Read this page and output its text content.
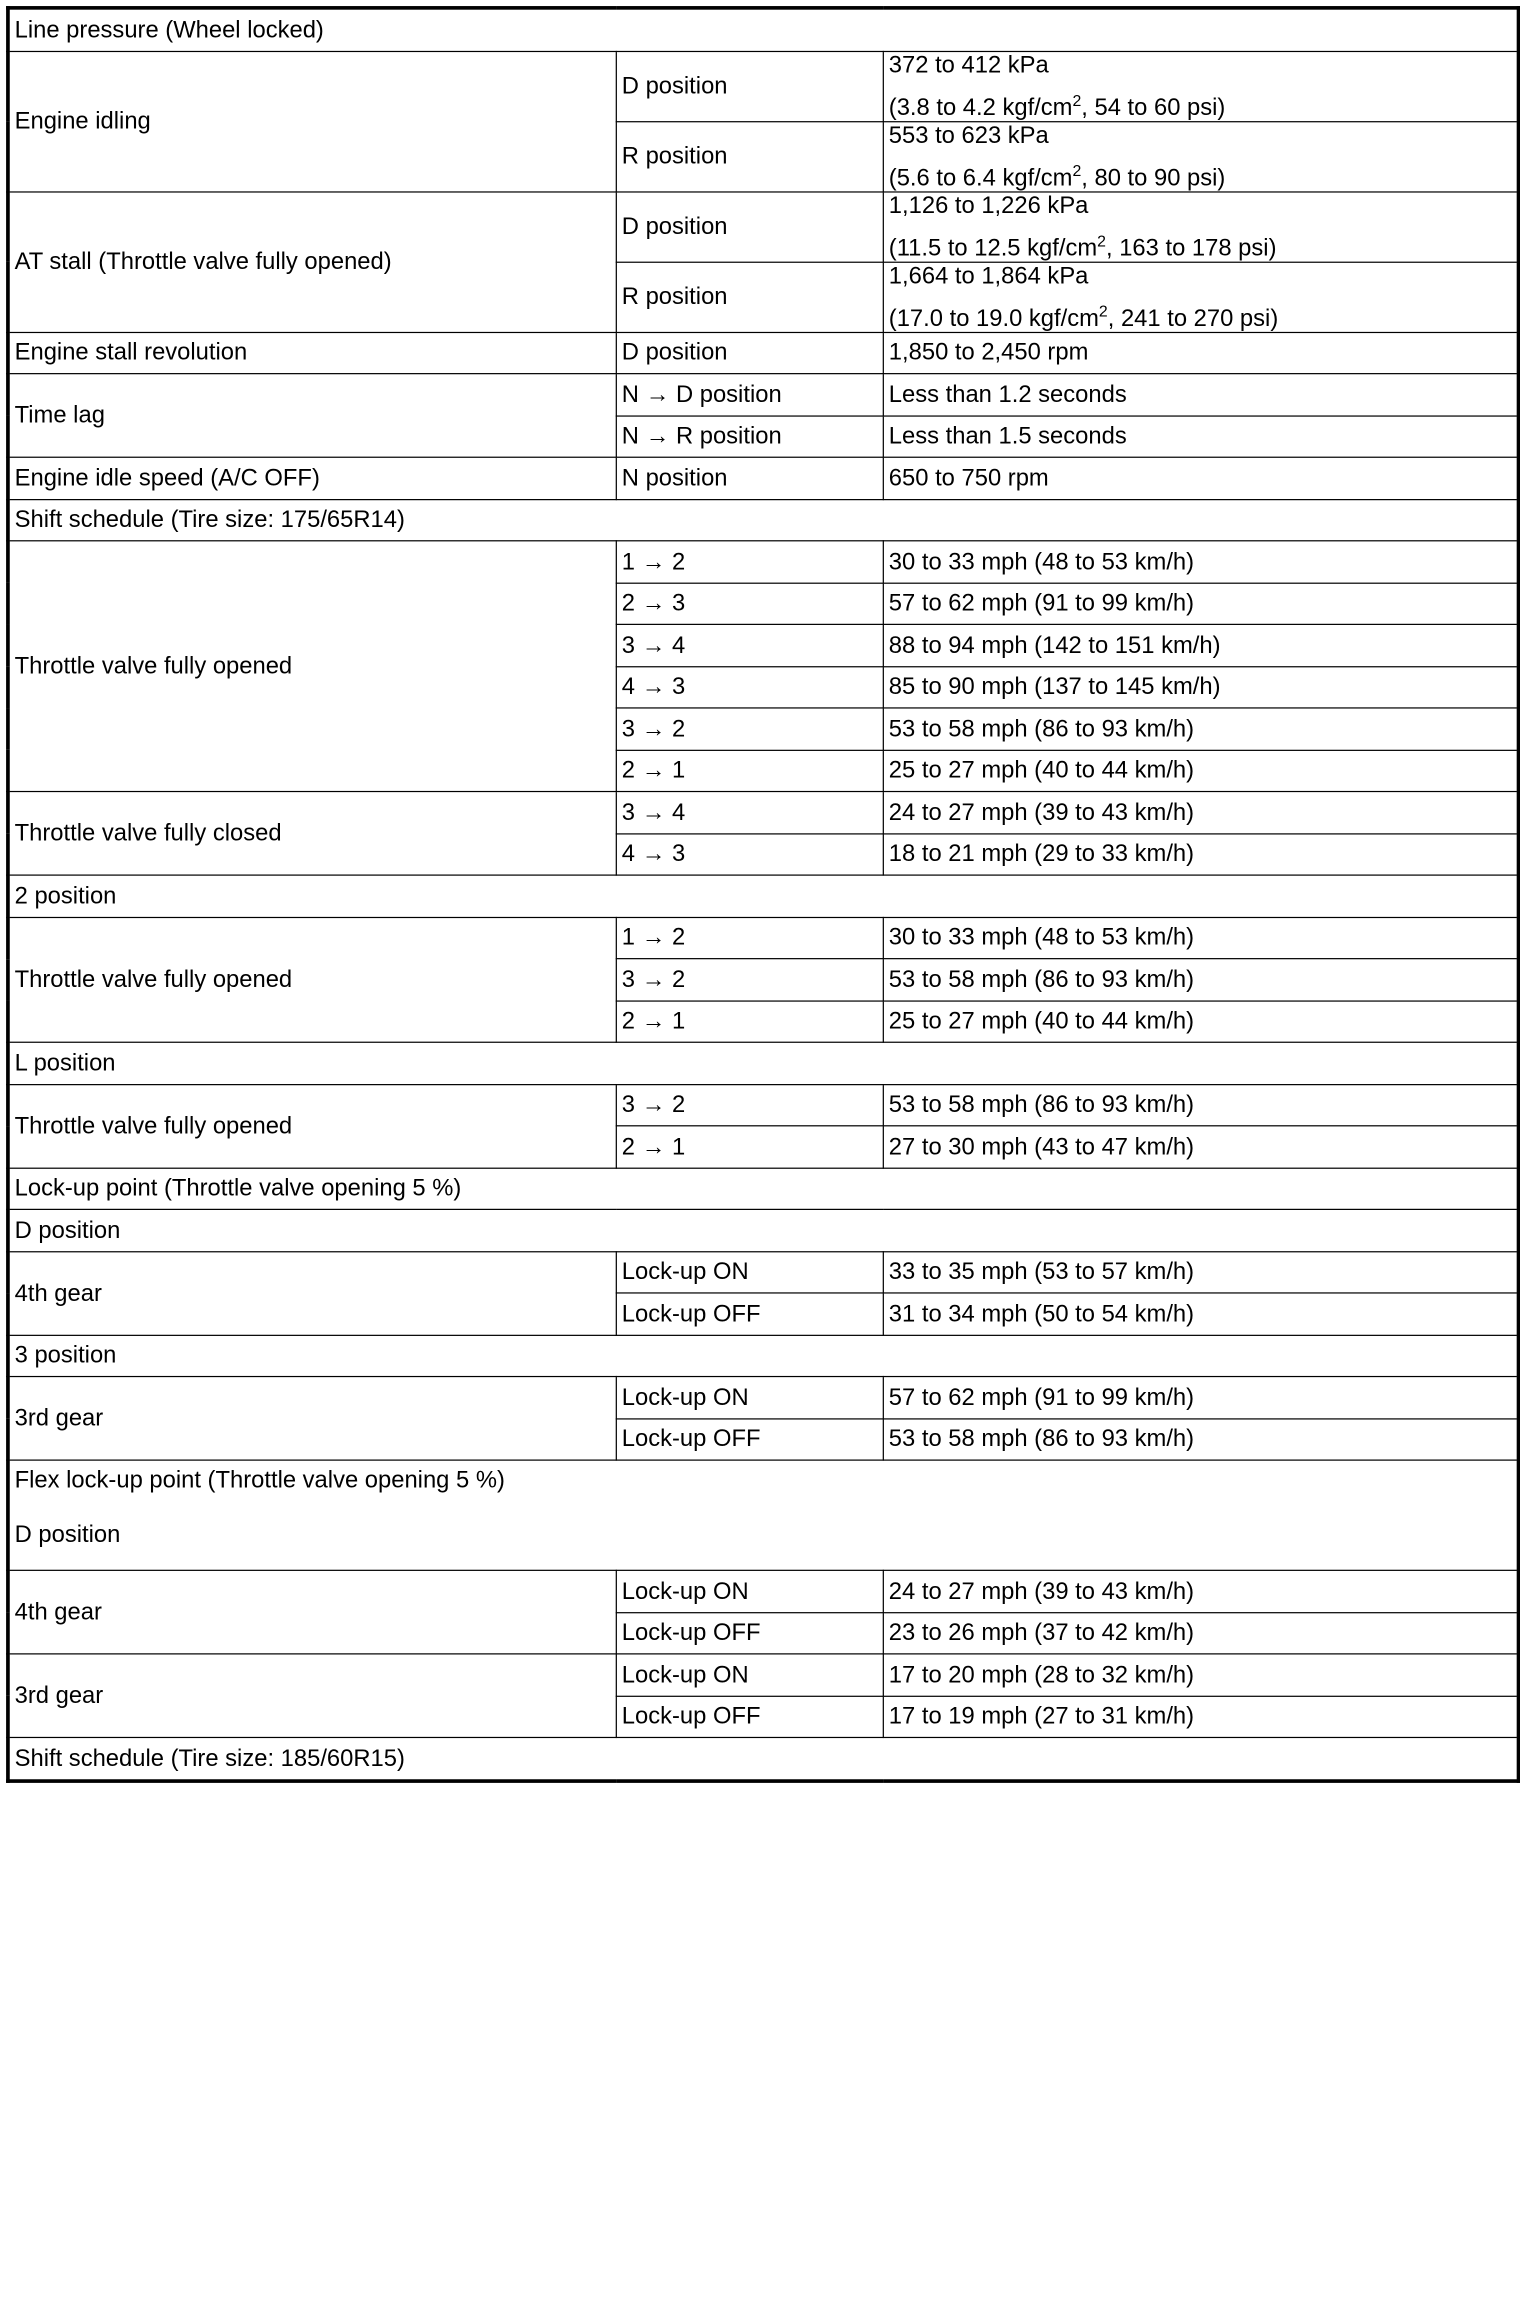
Line pressure (Wheel locked)		
Engine idling	D position	372 to 412 kPa
(3.8 to 4.2 kgf/$cm^2$, 54 to 60 psi)

	R position	553 to 623 kPa
(5.6 to 6.4 kgf/$cm^2$, 80 to 90 psi)

AT stall (Throttle valve fully opened)	D position	1,126 to 1,226 kPa
(11.5 to 12.5 kgf/$cm^2$, 163 to 178 psi)

	R position	1,664 to 1,864 kPa
(17.0 to 19.0 kgf/$cm^2$, 241 to 270 psi)

Engine stall revolution	D position	1,850 to 2,450 rpm
Time lag	N → D position	Less than 1.2 seconds
	N → R position	Less than 1.5 seconds
Engine idle speed (A/C OFF)	N position	650 to 750 rpm
Shift schedule (Tire size: 175/65R14)		
Throttle valve fully opened	1 → 2	30 to 33 mph (48 to 53 km/h)
	2 → 3	57 to 62 mph (91 to 99 km/h)
	3 → 4	88 to 94 mph (142 to 151 km/h)
	4 → 3	85 to 90 mph (137 to 145 km/h)
	3 → 2	53 to 58 mph (86 to 93 km/h)
	2 → 1	25 to 27 mph (40 to 44 km/h)
Throttle valve fully closed	3 → 4	24 to 27 mph (39 to 43 km/h)
	4 → 3	18 to 21 mph (29 to 33 km/h)
2 position		
Throttle valve fully opened	1 → 2	30 to 33 mph (48 to 53 km/h)
	3 → 2	53 to 58 mph (86 to 93 km/h)
	2 → 1	25 to 27 mph (40 to 44 km/h)
L position		
Throttle valve fully opened	3 → 2	53 to 58 mph (86 to 93 km/h)
	2 → 1	27 to 30 mph (43 to 47 km/h)
Lock-up point (Throttle valve opening 5 %)		
D position		
4th gear	Lock-up ON	33 to 35 mph (53 to 57 km/h)
	Lock-up OFF	31 to 34 mph (50 to 54 km/h)
3 position		
3rd gear	Lock-up ON	57 to 62 mph (91 to 99 km/h)
	Lock-up OFF	53 to 58 mph (86 to 93 km/h)

Flex lock-up point (Throttle valve opening 5 %)
D position		

4th gear	Lock-up ON	24 to 27 mph (39 to 43 km/h)
	Lock-up OFF	23 to 26 mph (37 to 42 km/h)
3rd gear	Lock-up ON	17 to 20 mph (28 to 32 km/h)
	Lock-up OFF	17 to 19 mph (27 to 31 km/h)
Shift schedule (Tire size: 185/60R15)		
